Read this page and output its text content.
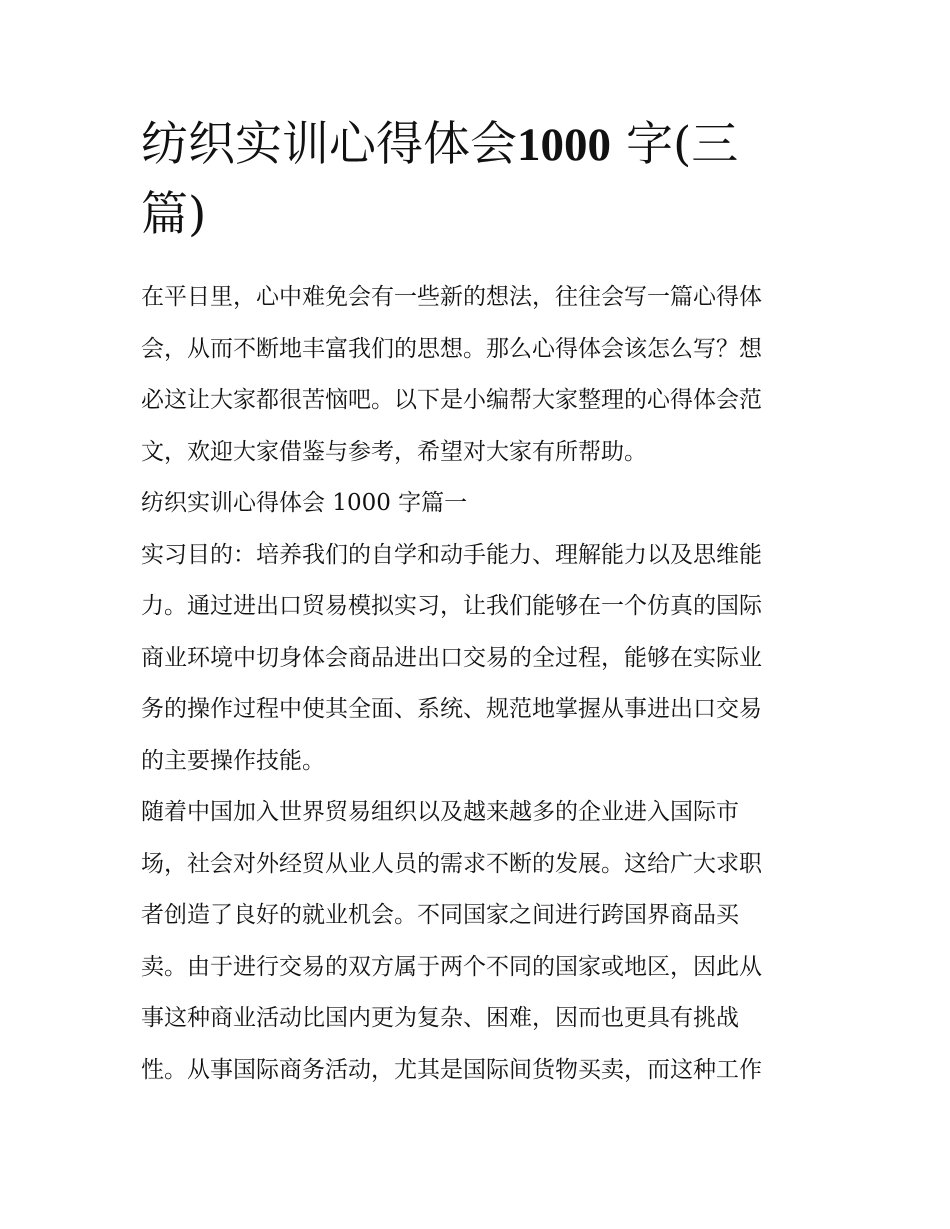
纺织实训心得体会1000 字(三
篇)
在平日里，心中难免会有一些新的想法，往往会写一篇心得体
会，从而不断地丰富我们的思想。那么心得体会该怎么写？想
必这让大家都很苦恼吧。以下是小编帮大家整理的心得体会范
文，欢迎大家借鉴与参考，希望对大家有所帮助。
纺织实训心得体会 1000 字篇一
实习目的：培养我们的自学和动手能力、理解能力以及思维能
力。通过进出口贸易模拟实习，让我们能够在一个仿真的国际
商业环境中切身体会商品进出口交易的全过程，能够在实际业
务的操作过程中使其全面、系统、规范地掌握从事进出口交易
的主要操作技能。
随着中国加入世界贸易组织以及越来越多的企业进入国际市
场，社会对外经贸从业人员的需求不断的发展。这给广大求职
者创造了良好的就业机会。不同国家之间进行跨国界商品买
卖。由于进行交易的双方属于两个不同的国家或地区，因此从
事这种商业活动比国内更为复杂、困难，因而也更具有挑战
性。从事国际商务活动，尤其是国际间货物买卖，而这种工作
